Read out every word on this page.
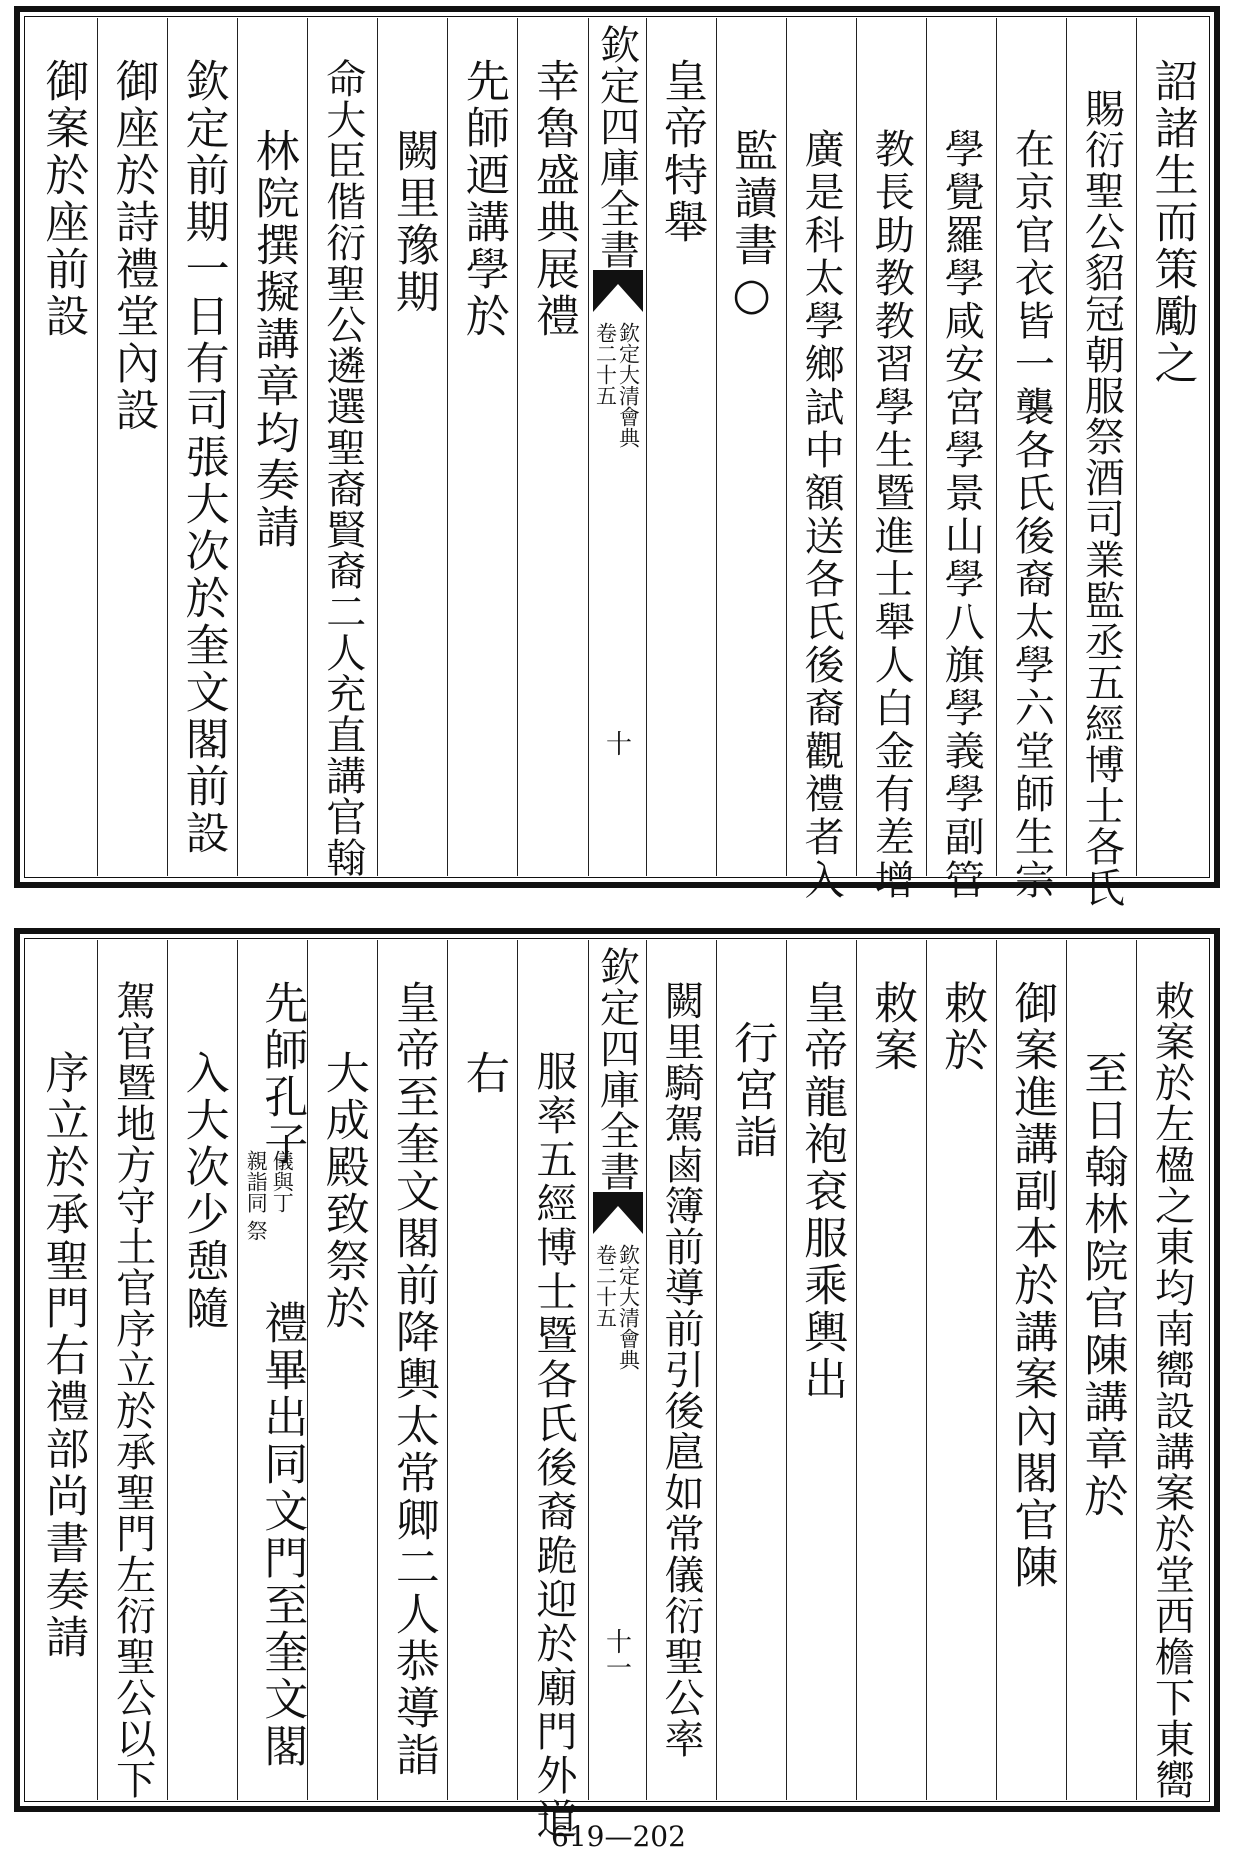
詔諸生而策勵之
賜衍聖公貂冠朝服祭酒司業監丞五經博士各氏
在京官衣皆一襲各氏後裔太學六堂師生宗
學覺羅學咸安宮學景山學八旗學義學副管
教長助教教習學生暨進士舉人白金有差增
廣是科太學鄉試中額送各氏後裔觀禮者入
監讀書○
皇帝特舉
欽定四庫全書
欽定大清會典
卷二十五
十
幸魯盛典展禮
先師迺講學於
闕里豫期
命大臣偕衍聖公遴選聖裔賢裔二人充直講官翰
林院撰擬講章均奏請
欽定前期一日有司張大次於奎文閣前設
御座於詩禮堂內設
御案於座前設
敕案於左楹之東均南嚮設講案於堂西檐下東嚮
至日翰林院官陳講章於
御案進講副本於講案內閣官陳
敕於
敕案
皇帝龍袍袞服乘輿出
行宮詣
闕里騎駕鹵簿前導前引後扈如常儀衍聖公率
欽定四庫全書
欽定大清會典
卷二十五
十一
服率五經博士暨各氏後裔跪迎於廟門外道
右
皇帝至奎文閣前降輿太常卿二人恭導詣
大成殿致祭於
先師孔子
親詣同 儀與丁
祭
禮畢出同文門至奎文閣
入大次少憩隨
駕官暨地方守土官序立於承聖門左衍聖公以下
序立於承聖門右禮部尚書奏請
619—202
